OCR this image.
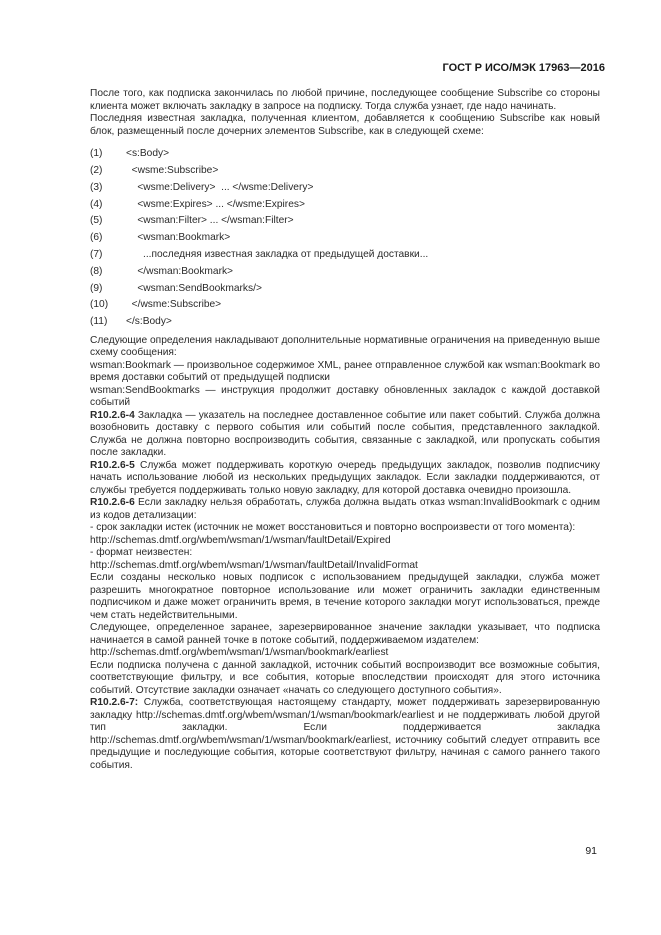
ГОСТ Р ИСО/МЭК 17963—2016

После того, как подписка закончилась по любой причине, последующее сообщение Subscribe со стороны клиента может включать закладку в запросе на подписку. Тогда служба узнает, где надо начинать.

Последняя известная закладка, полученная клиентом, добавляется к сообщению Subscribe как новый блок, размещенный после дочерних элементов Subscribe, как в следующей схеме:

(1)	<s:Body>
(2)	<wsme:Subscribe>
(3)	<wsme:Delivery>  ... </wsme:Delivery>
(4)	<wsme:Expires> ... </wsme:Expires>
(5)	<wsman:Filter> ... </wsman:Filter>
(6)	<wsman:Bookmark>
(7)	...последняя известная закладка от предыдущей доставки...
(8)	</wsman:Bookmark>
(9)	<wsman:SendBookmarks/>
(10)	</wsme:Subscribe>
(11)	</s:Body>

Следующие определения накладывают дополнительные нормативные ограничения на приведенную выше схему сообщения:

wsman:Bookmark — произвольное содержимое XML, ранее отправленное службой как wsman:Bookmark во время доставки событий от предыдущей подписки

wsman:SendBookmarks — инструкция продолжит доставку обновленных закладок с каждой доставкой событий

R10.2.6-4 Закладка — указатель на последнее доставленное событие или пакет событий. Служба должна возобновить доставку с первого события или событий после события, представленного закладкой. Служба не должна повторно воспроизводить события, связанные с закладкой, или пропускать события после закладки.

R10.2.6-5 Служба может поддерживать короткую очередь предыдущих закладок, позволив подписчику начать использование любой из нескольких предыдущих закладок. Если закладки поддерживаются, от службы требуется поддерживать только новую закладку, для которой доставка очевидно произошла.

R10.2.6-6 Если закладку нельзя обработать, служба должна выдать отказ wsman:InvalidBookmark с одним из кодов детализации:

- срок закладки истек (источник не может восстановиться и повторно воспроизвести от того момента):

http://schemas.dmtf.org/wbem/wsman/1/wsman/faultDetail/Expired

- формат неизвестен:

http://schemas.dmtf.org/wbem/wsman/1/wsman/faultDetail/InvalidFormat

Если созданы несколько новых подписок с использованием предыдущей закладки, служба может разрешить многократное повторное использование или может ограничить закладки единственным подписчиком и даже может ограничить время, в течение которого закладки могут использоваться, прежде чем стать недействительными.

Следующее, определенное заранее, зарезервированное значение закладки указывает, что подписка начинается в самой ранней точке в потоке событий, поддерживаемом издателем:

http://schemas.dmtf.org/wbem/wsman/1/wsman/bookmark/earliest

Если подписка получена с данной закладкой, источник событий воспроизводит все возможные события, соответствующие фильтру, и все события, которые впоследствии происходят для этого источника событий. Отсутствие закладки означает «начать со следующего доступного события».

R10.2.6-7: Служба, соответствующая настоящему стандарту, может поддерживать зарезервированную закладку http://schemas.dmtf.org/wbem/wsman/1/wsman/bookmark/earliest и не поддерживать любой другой тип закладки. Если поддерживается закладка http://schemas.dmtf.org/wbem/wsman/1/wsman/bookmark/earliest, источнику событий следует отправить все предыдущие и последующие события, которые соответствуют фильтру, начиная с самого раннего такого события.

91
